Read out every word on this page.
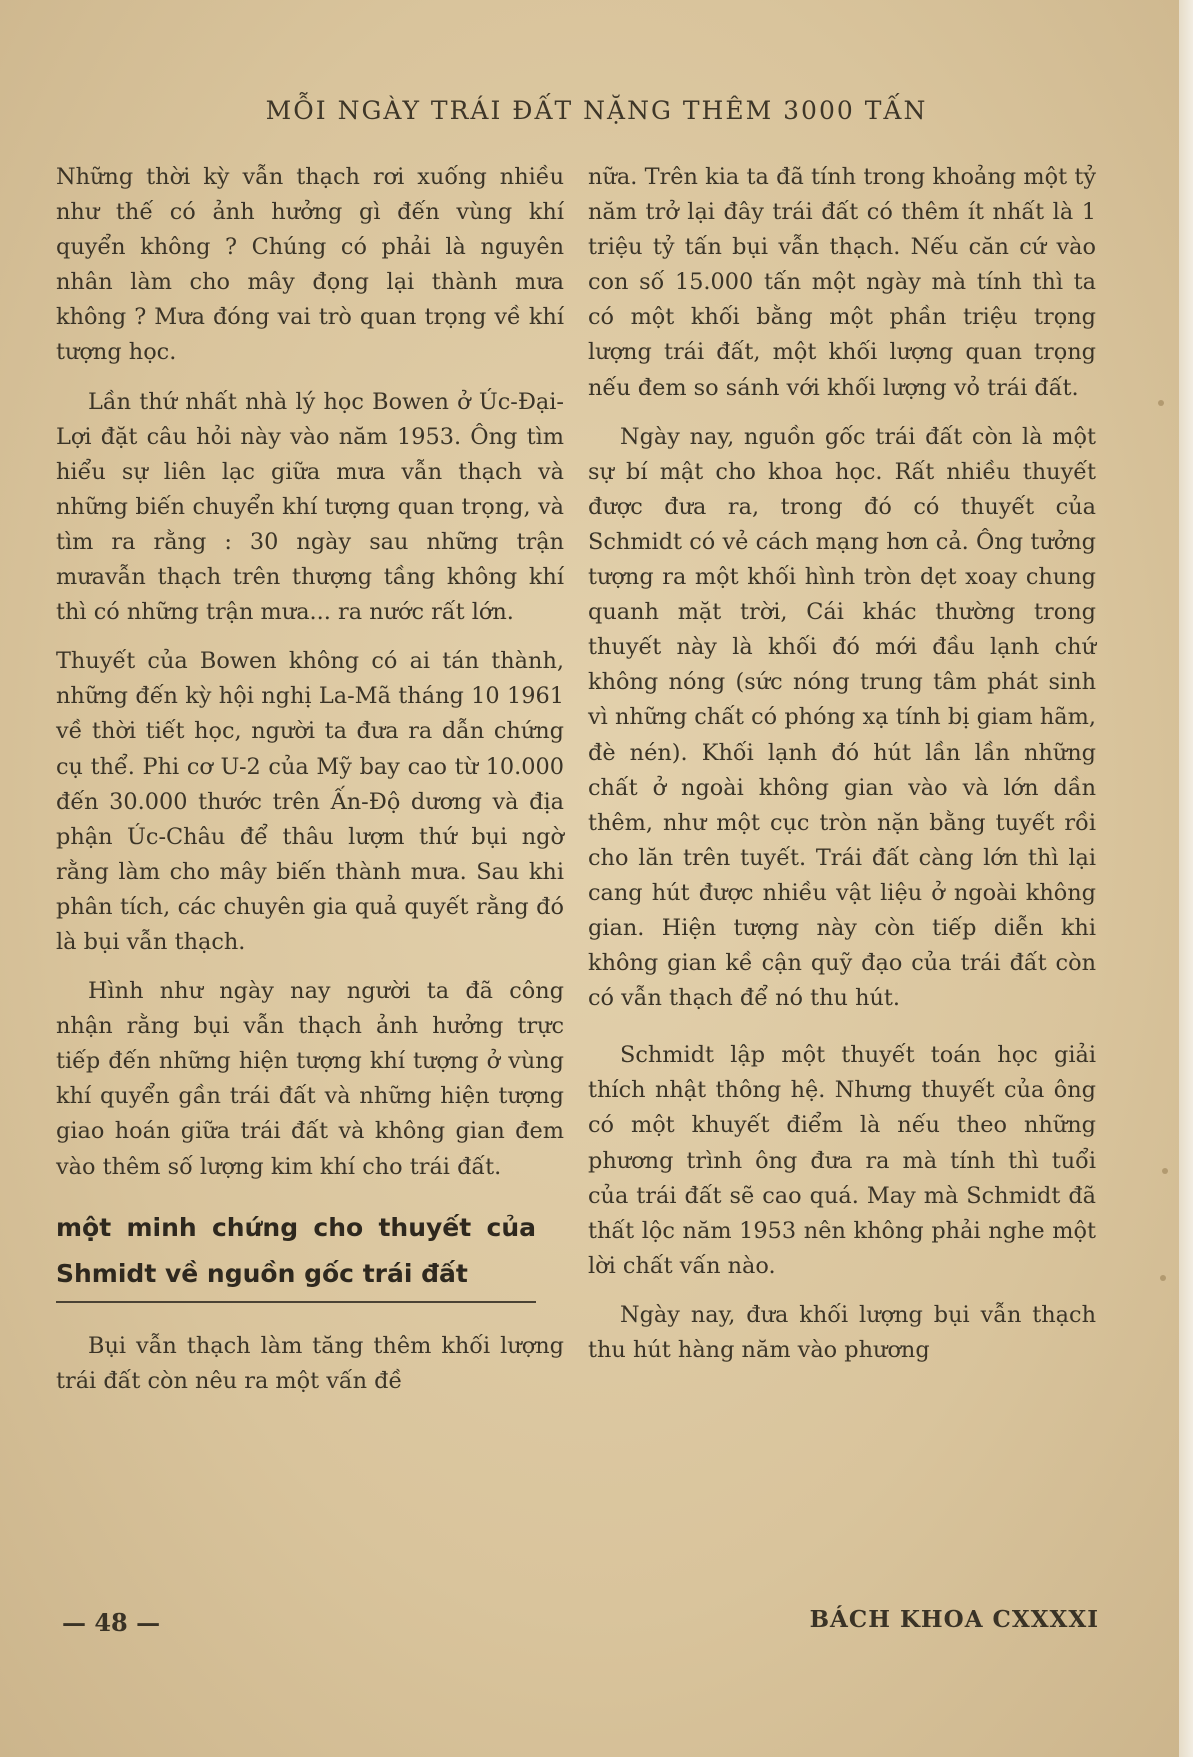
MỖI NGÀY TRÁI ĐẤT NẶNG THÊM 3000 TẤN

Những thời kỳ vẫn thạch rơi xuống nhiều như thế có ảnh hưởng gì đến vùng khí quyển không ? Chúng có phải là nguyên nhân làm cho mây đọng lại thành mưa không ? Mưa đóng vai trò quan trọng về khí tượng học.

Lần thứ nhất nhà lý học Bowen ở Úc-Đại-Lợi đặt câu hỏi này vào năm 1953. Ông tìm hiểu sự liên lạc giữa mưa vẫn thạch và những biến chuyển khí tượng quan trọng, và tìm ra rằng : 30 ngày sau những trận mưavẫn thạch trên thượng tầng không khí thì có những trận mưa... ra nước rất lớn.

Thuyết của Bowen không có ai tán thành, những đến kỳ hội nghị La-Mã tháng 10 1961 về thời tiết học, người ta đưa ra dẫn chứng cụ thể. Phi cơ U-2 của Mỹ bay cao từ 10.000 đến 30.000 thước trên Ấn-Độ dương và địa phận Úc-Châu để thâu lượm thứ bụi ngờ rằng làm cho mây biến thành mưa. Sau khi phân tích, các chuyên gia quả quyết rằng đó là bụi vẫn thạch.

Hình như ngày nay người ta đã công nhận rằng bụi vẫn thạch ảnh hưởng trực tiếp đến những hiện tượng khí tượng ở vùng khí quyển gần trái đất và những hiện tượng giao hoán giữa trái đất và không gian đem vào thêm số lượng kim khí cho trái đất.

một minh chứng cho thuyết của Shmidt về nguồn gốc trái đất

Bụi vẫn thạch làm tăng thêm khối lượng trái đất còn nêu ra một vấn đề

nữa. Trên kia ta đã tính trong khoảng một tỷ năm trở lại đây trái đất có thêm ít nhất là 1 triệu tỷ tấn bụi vẫn thạch. Nếu căn cứ vào con số 15.000 tấn một ngày mà tính thì ta có một khối bằng một phần triệu trọng lượng trái đất, một khối lượng quan trọng nếu đem so sánh với khối lượng vỏ trái đất.

Ngày nay, nguồn gốc trái đất còn là một sự bí mật cho khoa học. Rất nhiều thuyết được đưa ra, trong đó có thuyết của Schmidt có vẻ cách mạng hơn cả. Ông tưởng tượng ra một khối hình tròn dẹt xoay chung quanh mặt trời, Cái khác thường trong thuyết này là khối đó mới đầu lạnh chứ không nóng (sức nóng trung tâm phát sinh vì những chất có phóng xạ tính bị giam hãm, đè nén). Khối lạnh đó hút lần lần những chất ở ngoài không gian vào và lớn dần thêm, như một cục tròn nặn bằng tuyết rồi cho lăn trên tuyết. Trái đất càng lớn thì lại cang hút được nhiều vật liệu ở ngoài không gian. Hiện tượng này còn tiếp diễn khi không gian kề cận quỹ đạo của trái đất còn có vẫn thạch để nó thu hút.

Schmidt lập một thuyết toán học giải thích nhật thông hệ. Nhưng thuyết của ông có một khuyết điểm là nếu theo những phương trình ông đưa ra mà tính thì tuổi của trái đất sẽ cao quá. May mà Schmidt đã thất lộc năm 1953 nên không phải nghe một lời chất vấn nào.

Ngày nay, đưa khối lượng bụi vẫn thạch thu hút hàng năm vào phương

— 48 —	BÁCH KHOA CXXXXI
